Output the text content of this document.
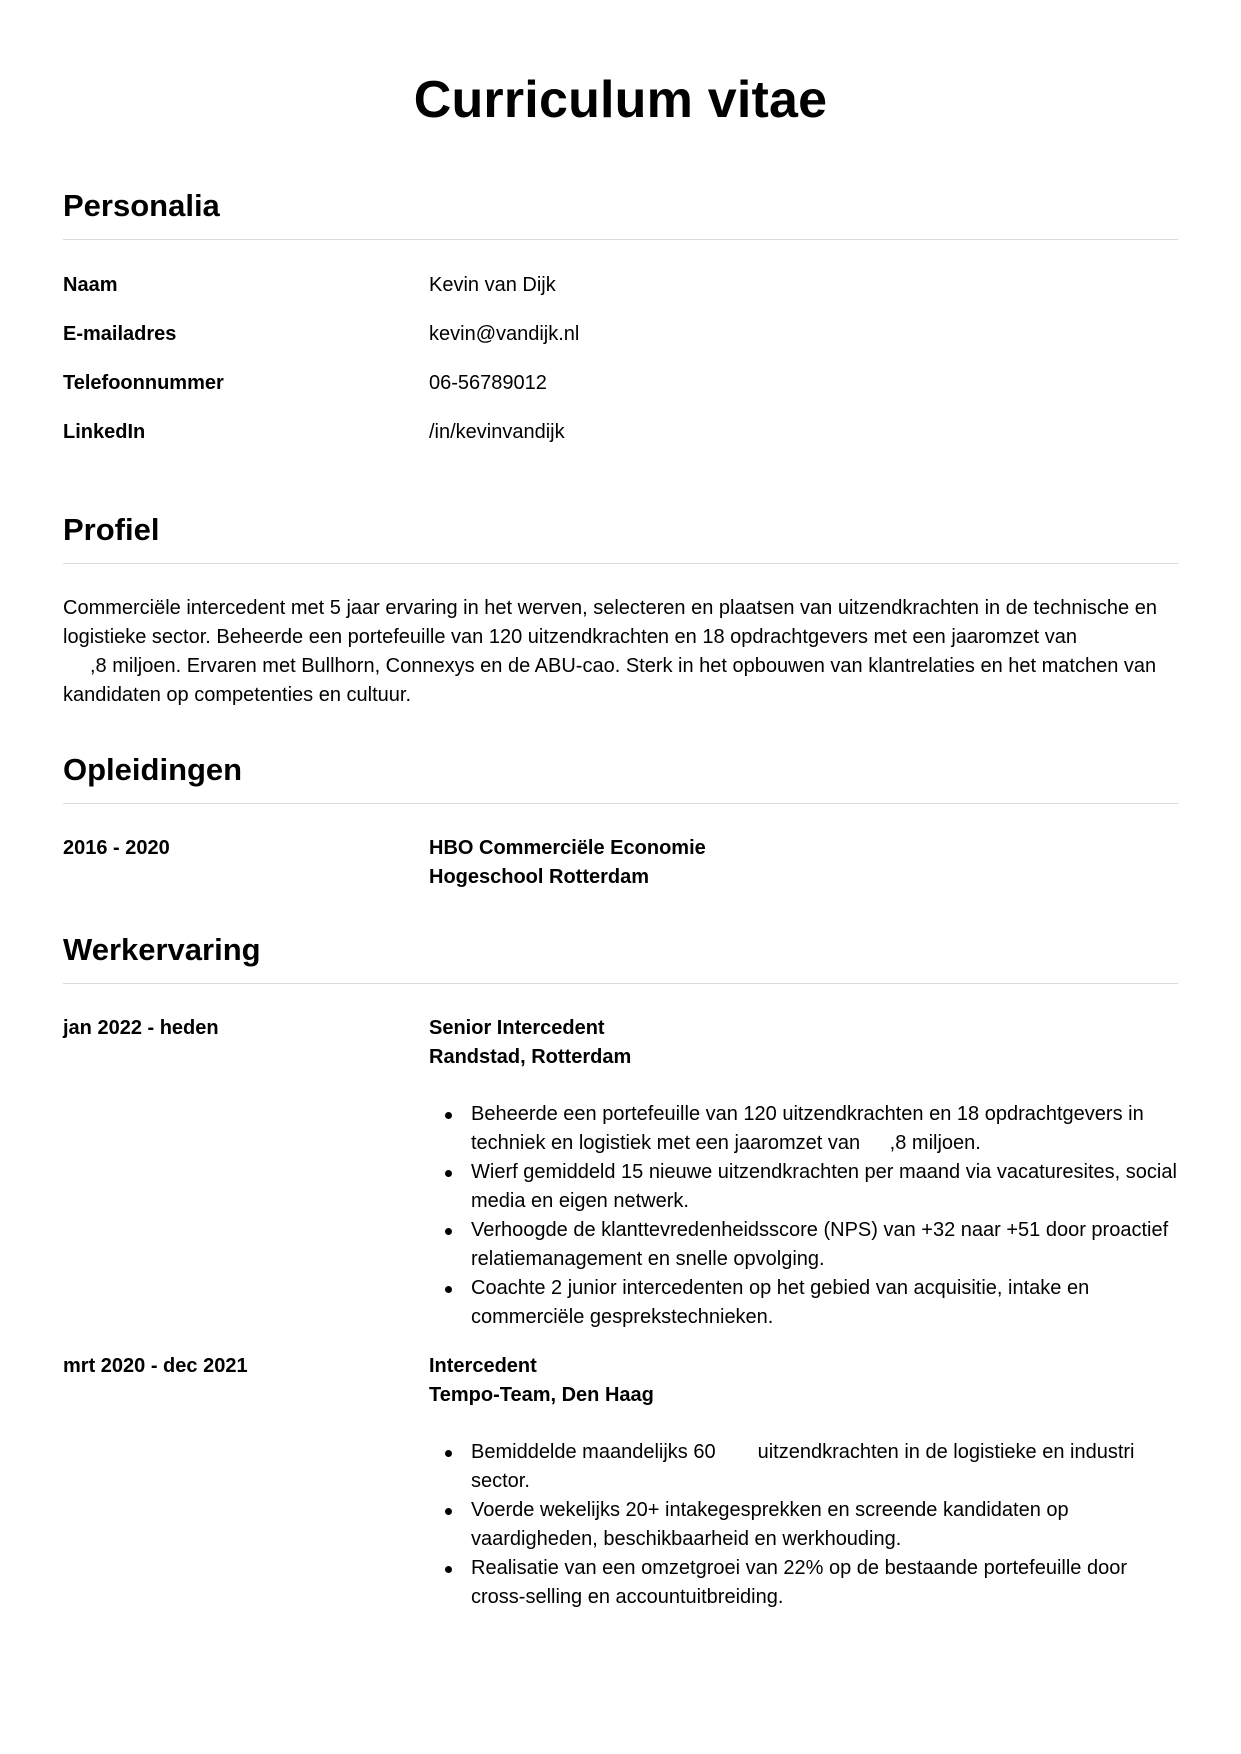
Curriculum vitae
Personalia
Naam	Kevin van Dijk
E-mailadres	kevin@vandijk.nl
Telefoonnummer	06-56789012
LinkedIn	/in/kevinvandijk
Profiel
Commerciële intercedent met 5 jaar ervaring in het werven, selecteren en plaatsen van uitzendkrachten in de technische en logistieke sector. Beheerde een portefeuille van 120 uitzendkrachten en 18 opdrachtgevers met een jaaromzet van
,8 miljoen. Ervaren met Bullhorn, Connexys en de ABU-cao. Sterk in het opbouwen van klantrelaties en het matchen van kandidaten op competenties en cultuur.
Opleidingen
2016 - 2020	HBO Commerciële Economie
Hogeschool Rotterdam
Werkervaring
jan 2022 - heden	Senior Intercedent
Randstad, Rotterdam
Beheerde een portefeuille van 120 uitzendkrachten en 18 opdrachtgevers in techniek en logistiek met een jaaromzet van ,8 miljoen.
Wierf gemiddeld 15 nieuwe uitzendkrachten per maand via vacaturesites, social media en eigen netwerk.
Verhoogde de klanttevredenheidsscore (NPS) van +32 naar +51 door proactief relatiemanagement en snelle opvolging.
Coachte 2 junior intercedenten op het gebied van acquisitie, intake en commerciële gesprekstechnieken.
mrt 2020 - dec 2021	Intercedent
Tempo-Team, Den Haag
Bemiddelde maandelijks 60 uitzendkrachten in de logistieke en industrisector.
Voerde wekelijks 20+ intakegesprekken en screende kandidaten op vaardigheden, beschikbaarheid en werkhouding.
Realisatie van een omzetgroei van 22% op de bestaande portefeuille door cross-selling en accountuitbreiding.
